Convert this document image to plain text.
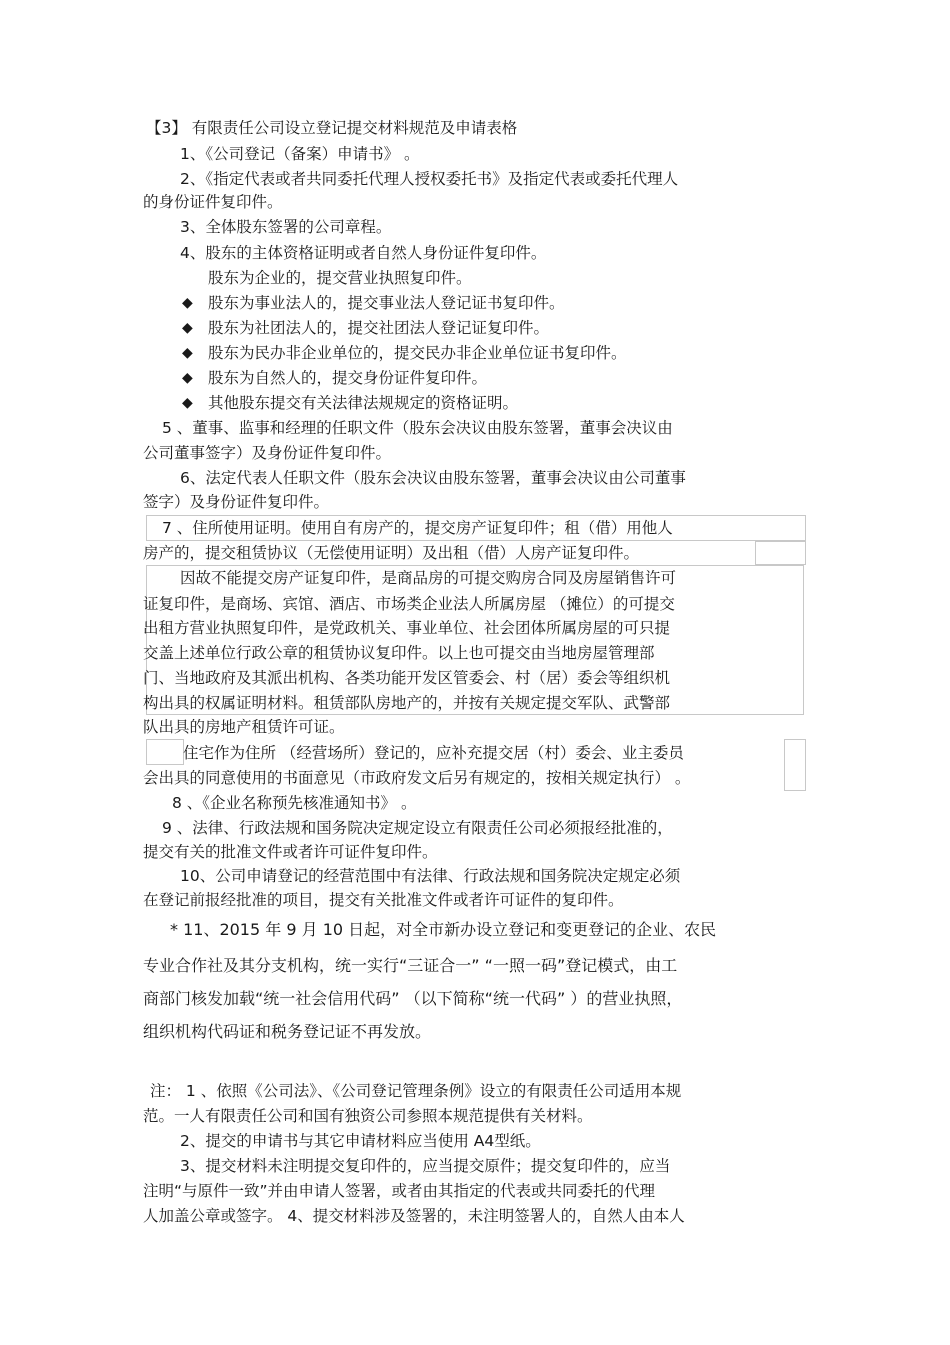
【3】 有限责任公司设立登记提交材料规范及申请表格
1、《公司登记（备案）申请书》 。
2、《指定代表或者共同委托代理人授权委托书》及指定代表或委托代理人
的身份证件复印件。
3、全体股东签署的公司章程。
4、股东的主体资格证明或者自然人身份证件复印件。
股东为企业的，提交营业执照复印件。
◆ 股东为事业法人的，提交事业法人登记证书复印件。
◆ 股东为社团法人的，提交社团法人登记证复印件。
◆ 股东为民办非企业单位的，提交民办非企业单位证书复印件。
◆ 股东为自然人的，提交身份证件复印件。
◆ 其他股东提交有关法律法规规定的资格证明。
5 、董事、监事和经理的任职文件（股东会决议由股东签署，董事会决议由
公司董事签字）及身份证件复印件。
6、法定代表人任职文件（股东会决议由股东签署，董事会决议由公司董事
签字）及身份证件复印件。
7 、住所使用证明。使用自有房产的，提交房产证复印件；租（借）用他人
房产的，提交租赁协议（无偿使用证明）及出租（借）人房产证复印件。
因故不能提交房产证复印件，是商品房的可提交购房合同及房屋销售许可
证复印件，是商场、宾馆、酒店、市场类企业法人所属房屋 （摊位）的可提交
出租方营业执照复印件，是党政机关、事业单位、社会团体所属房屋的可只提
交盖上述单位行政公章的租赁协议复印件。以上也可提交由当地房屋管理部
门、当地政府及其派出机构、各类功能开发区管委会、村（居）委会等组织机
构出具的权属证明材料。租赁部队房地产的，并按有关规定提交军队、武警部
队出具的房地产租赁许可证。
住宅作为住所 （经营场所）登记的，应补充提交居（村）委会、业主委员
会出具的同意使用的书面意见（市政府发文后另有规定的，按相关规定执行） 。
8 、《企业名称预先核准通知书》 。
9 、法律、行政法规和国务院决定规定设立有限责任公司必须报经批准的，
提交有关的批准文件或者许可证件复印件。
10、公司申请登记的经营范围中有法律、行政法规和国务院决定规定必须
在登记前报经批准的项目，提交有关批准文件或者许可证件的复印件。
* 11、2015 年 9 月 10 日起，对全市新办设立登记和变更登记的企业、农民
专业合作社及其分支机构，统一实行“三证合一” “一照一码”登记模式，由工
商部门核发加载“统一社会信用代码” （以下简称“统一代码” ）的营业执照，
组织机构代码证和税务登记证不再发放。
注： 1 、依照《公司法》、《公司登记管理条例》设立的有限责任公司适用本规
范。一人有限责任公司和国有独资公司参照本规范提供有关材料。
2、提交的申请书与其它申请材料应当使用 A4型纸。
3、提交材料未注明提交复印件的，应当提交原件；提交复印件的，应当
注明“与原件一致”并由申请人签署，或者由其指定的代表或共同委托的代理
人加盖公章或签字。 4、提交材料涉及签署的，未注明签署人的，自然人由本人
